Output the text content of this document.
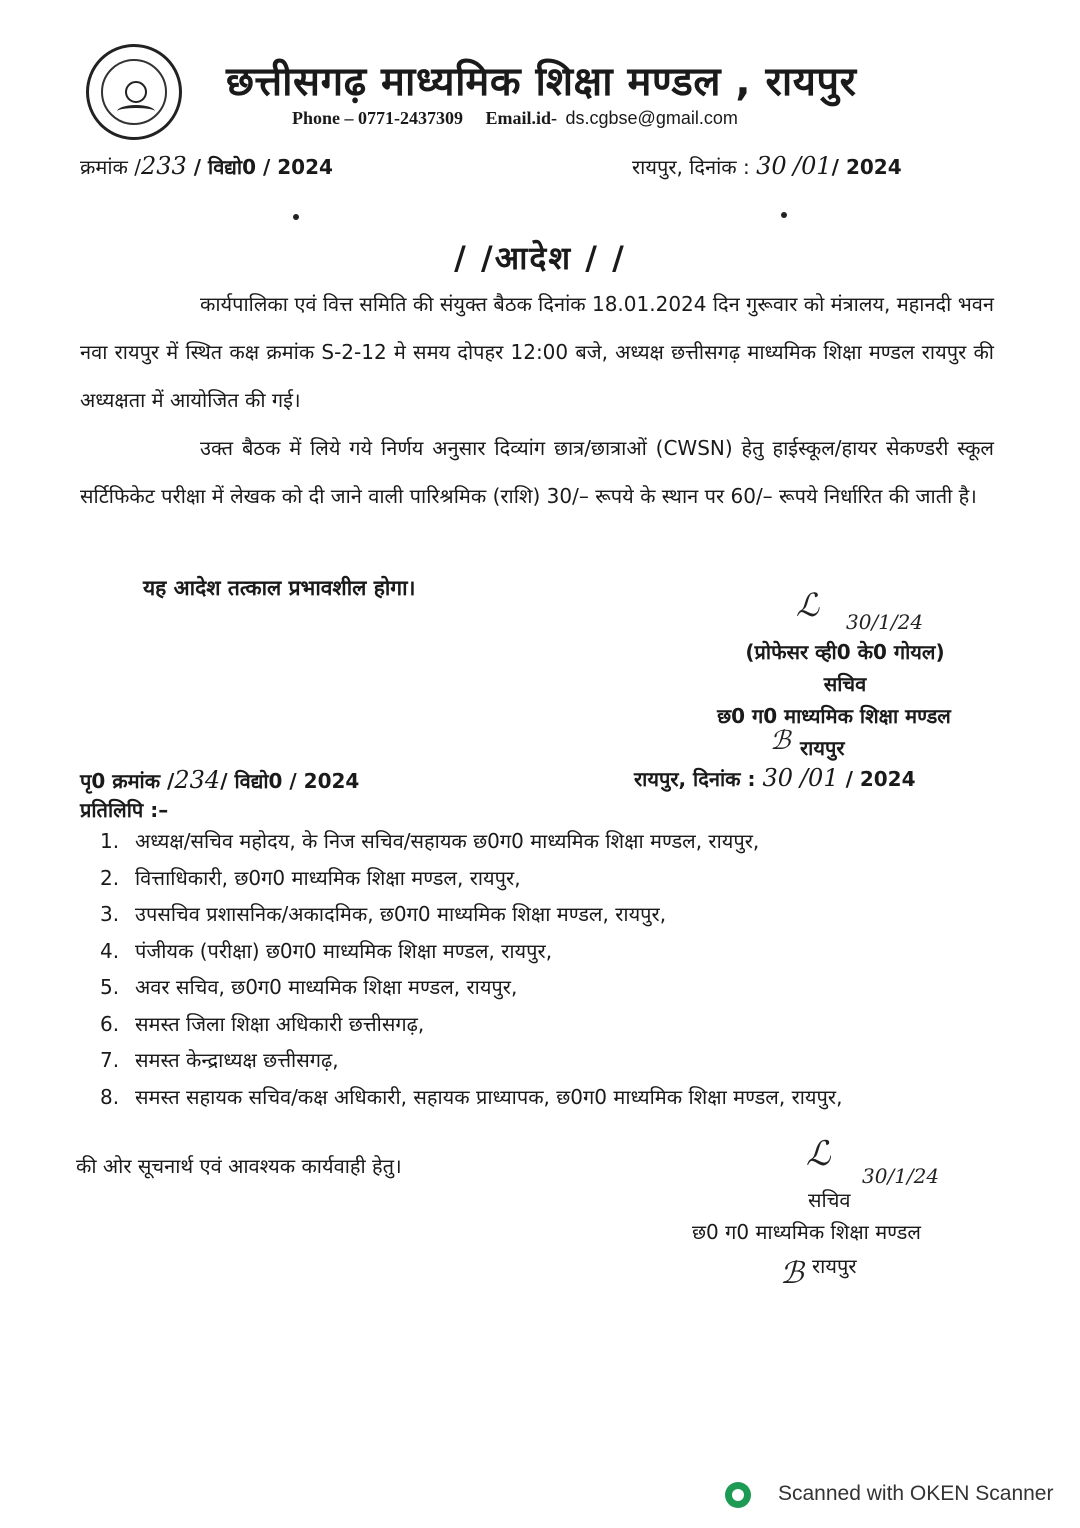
छत्तीसगढ़ माध्यमिक शिक्षा मण्डल , रायपुर
Phone – 0771-2437309 Email.id- ds.cgbse@gmail.com
क्रमांक /233 / विद्यो0 / 2024	रायपुर, दिनांक : 30 /01/ 2024
/ /आदेश / /
कार्यपालिका एवं वित्त समिति की संयुक्त बैठक दिनांक 18.01.2024 दिन गुरूवार को मंत्रालय, महानदी भवन नवा रायपुर में स्थित कक्ष क्रमांक S-2-12 मे समय दोपहर 12:00 बजे, अध्यक्ष छत्तीसगढ़ माध्यमिक शिक्षा मण्डल रायपुर की अध्यक्षता में आयोजित की गई।
उक्त बैठक में लिये गये निर्णय अनुसार दिव्यांग छात्र/छात्राओं (CWSN) हेतु हाईस्कूल/हायर सेकण्डरी स्कूल सर्टिफिकेट परीक्षा में लेखक को दी जाने वाली पारिश्रमिक (राशि) 30/– रूपये के स्थान पर 60/– रूपये निर्धारित की जाती है।
यह आदेश तत्काल प्रभावशील होगा।	ℒ 30/1/24
(प्रोफेसर व्ही0 के0 गोयल)
सचिव
छ0 ग0 माध्यमिक शिक्षा मण्डल
ℬ रायपुर
पृ0 क्रमांक /234/ विद्यो0 / 2024	रायपुर, दिनांक : 30 /01 / 2024
प्रतिलिपि :–
1. अध्यक्ष/सचिव महोदय, के निज सचिव/सहायक छ0ग0 माध्यमिक शिक्षा मण्डल, रायपुर,
2. वित्ताधिकारी, छ0ग0 माध्यमिक शिक्षा मण्डल, रायपुर,
3. उपसचिव प्रशासनिक/अकादमिक, छ0ग0 माध्यमिक शिक्षा मण्डल, रायपुर,
4. पंजीयक (परीक्षा) छ0ग0 माध्यमिक शिक्षा मण्डल, रायपुर,
5. अवर सचिव, छ0ग0 माध्यमिक शिक्षा मण्डल, रायपुर,
6. समस्त जिला शिक्षा अधिकारी छत्तीसगढ़,
7. समस्त केन्द्राध्यक्ष छत्तीसगढ़,
8. समस्त सहायक सचिव/कक्ष अधिकारी, सहायक प्राध्यापक, छ0ग0 माध्यमिक शिक्षा मण्डल, रायपुर,
की ओर सूचनार्थ एवं आवश्यक कार्यवाही हेतु।	ℒ
30/1/24
सचिव
छ0 ग0 माध्यमिक शिक्षा मण्डल
ℬ रायपुर
Scanned with OKEN Scanner
